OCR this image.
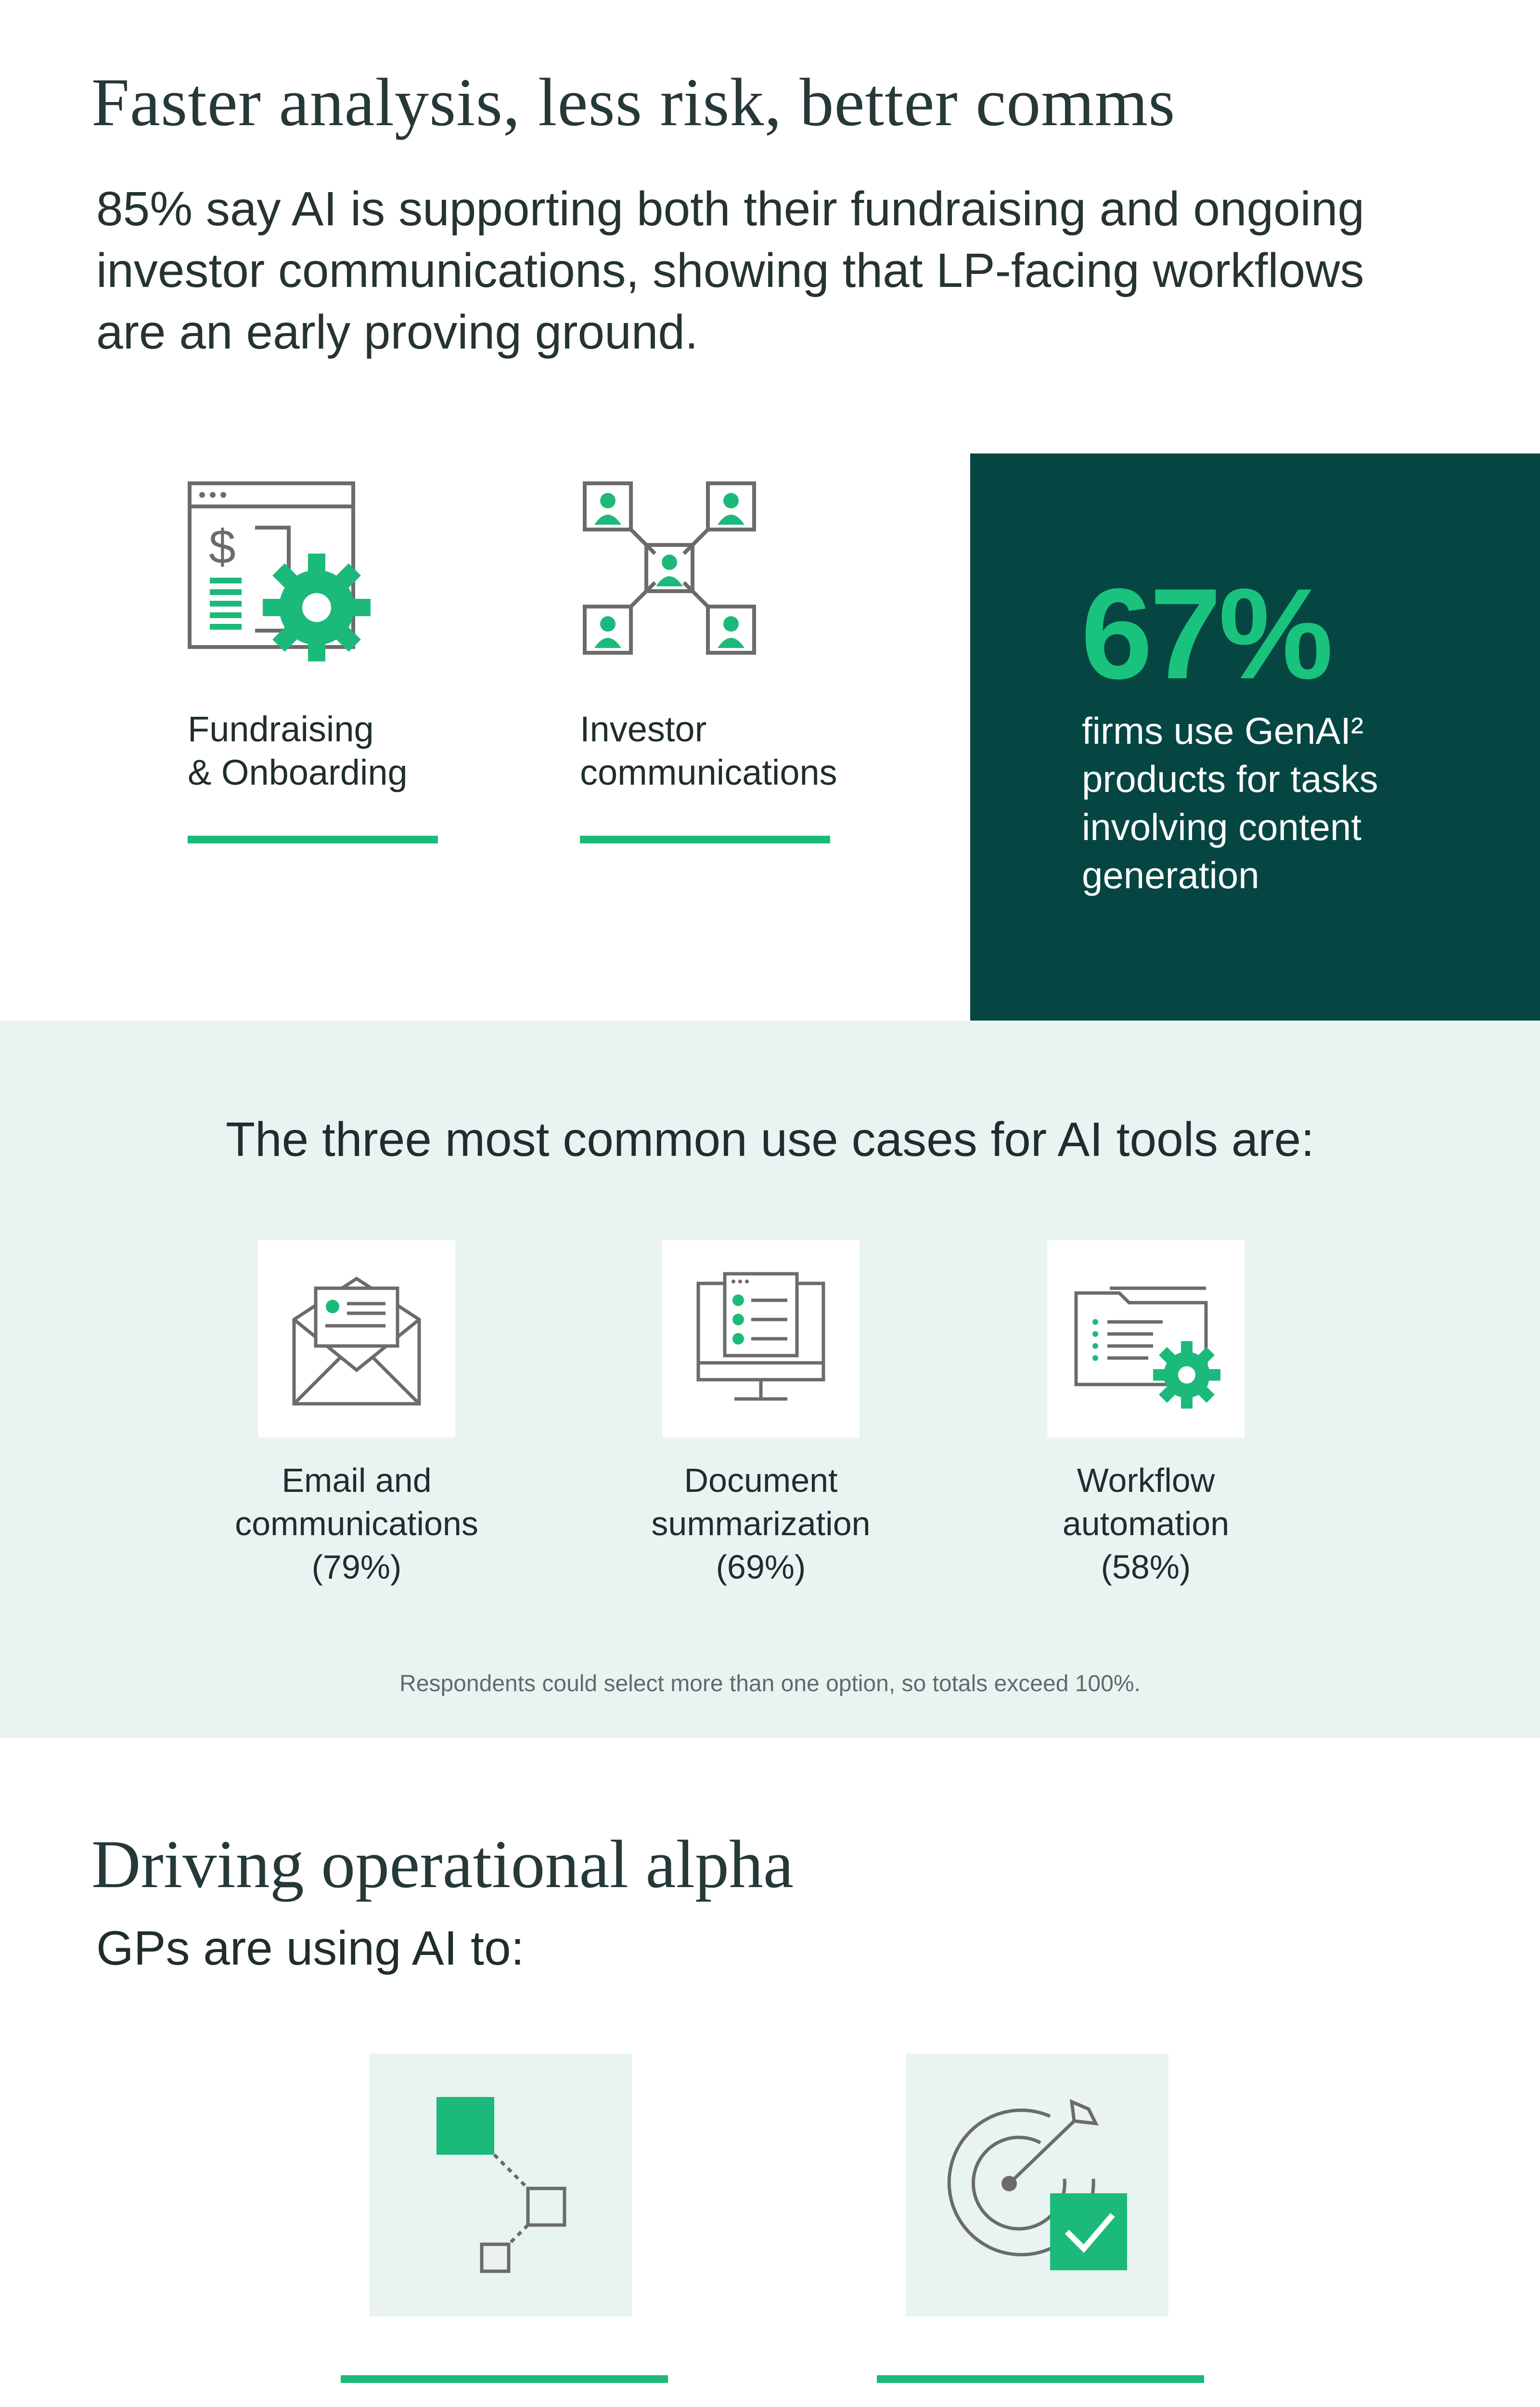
Faster analysis, less risk, better comms
85% say AI is supporting both their fundraising and ongoing investor communications, showing that LP-facing workflows are an early proving ground.
$
Fundraising
& Onboarding
Investor
communications
67%
firms use GenAI² products for tasks involving content generation
The three most common use cases for AI tools are:
Email and
communications
(79%)
Document
summarization
(69%)
Workflow
automation
(58%)
Respondents could select more than one option, so totals exceed 100%.
Driving operational alpha
GPs are using AI to:
